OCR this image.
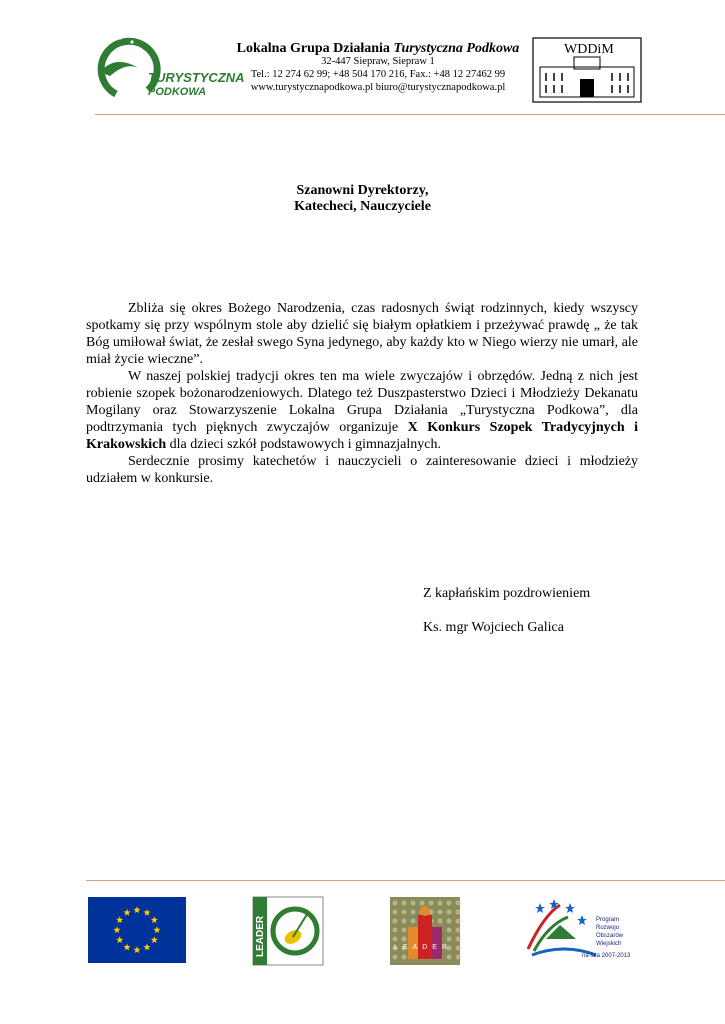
TURYSTYCZNA
PODKOWA
Lokalna Grupa Działania Turystyczna Podkowa
32-447 Siepraw, Siepraw 1
Tel.: 12 274 62 99; +48 504 170 216, Fax.: +48 12 27462 99
www.turystycznapodkowa.pl biuro@turystycznapodkowa.pl
WDDiM
Szanowni Dyrektorzy,
Katecheci, Nauczyciele

Zbliża się okres Bożego Narodzenia, czas radosnych świąt rodzinnych, kiedy wszyscy spotkamy się przy wspólnym stole aby dzielić się białym opłatkiem i przeżywać prawdę „ że tak Bóg umiłował świat, że zesłał swego Syna jedynego, aby każdy kto w Niego wierzy nie umarł, ale miał życie wieczne”.

W naszej polskiej tradycji okres ten ma wiele zwyczajów i obrzędów. Jedną z nich jest robienie szopek bożonarodzeniowych. Dlatego też Duszpasterstwo Dzieci i Młodzieży Dekanatu Mogilany oraz Stowarzyszenie Lokalna Grupa Działania „Turystyczna Podkowa”, dla podtrzymania tych pięknych zwyczajów organizuje X Konkurs Szopek Tradycyjnych i Krakowskich dla dzieci szkół podstawowych i gimnazjalnych.

Serdecznie prosimy katechetów i nauczycieli o zainteresowanie dzieci i młodzieży udziałem w konkursie.

Z kapłańskim pozdrowieniem
Ks. mgr Wojciech Galica
LEADER	LEADER
Program
Rozwoju
Obszarów
Wiejskich
na lata 2007-2013
